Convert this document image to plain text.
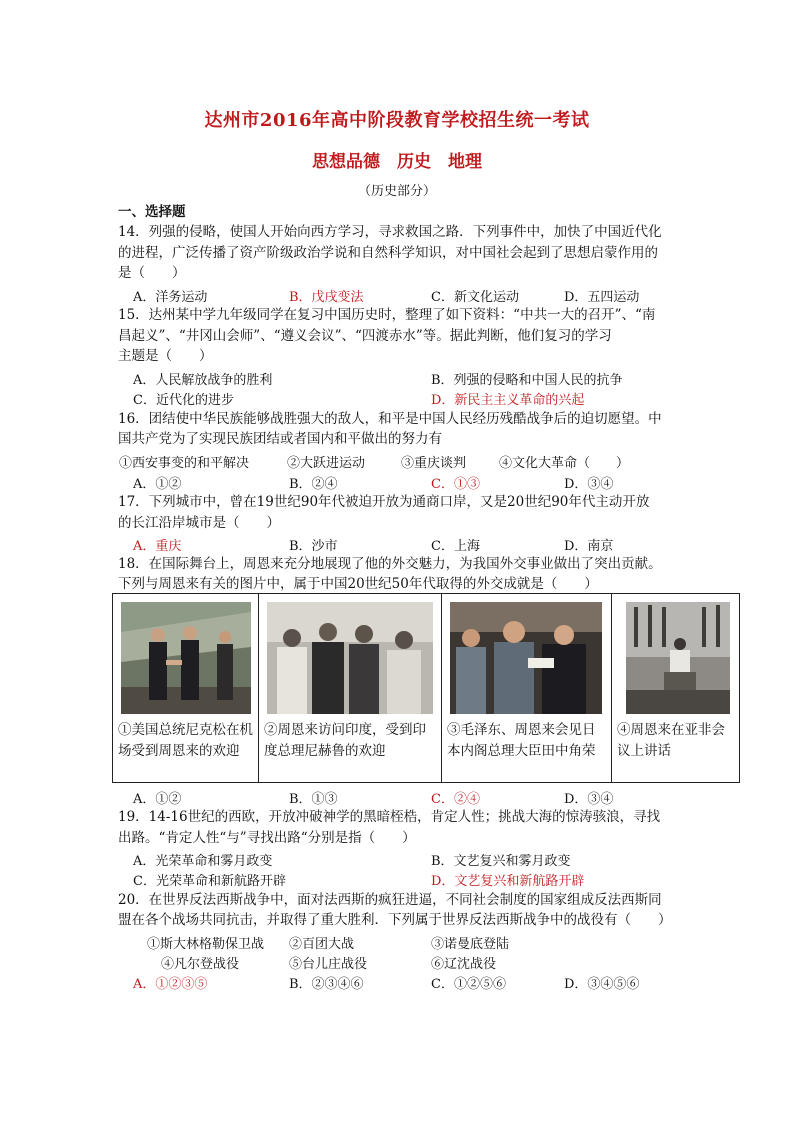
达州市2016年高中阶段教育学校招生统一考试
思想品德　历史　地理
（历史部分）
一、选择题
14．列强的侵略，使国人开始向西方学习，寻求救国之路．下列事件中，加快了中国近代化
的进程，广泛传播了资产阶级政治学说和自然科学知识，对中国社会起到了思想启蒙作用的
是（　　）
A．洋务运动	B．戊戌变法	C．新文化运动	D．五四运动
15．达州某中学九年级同学在复习中国历史时，整理了如下资料：“中共一大的召开”、“南
昌起义”、“井冈山会师”、“遵义会议”、“四渡赤水”等。据此判断，他们复习的学习
主题是（　　）
A．人民解放战争的胜利	B．列强的侵略和中国人民的抗争
C．近代化的进步	D．新民主主义革命的兴起
16．团结使中华民族能够战胜强大的敌人，和平是中国人民经历残酷战争后的迫切愿望。中
国共产党为了实现民族团结或者国内和平做出的努力有
①西安事变的和平解决	②大跃进运动	③重庆谈判	④文化大革命（　　）
A．①②	B．②④	C．①③	D．③④
17．下列城市中，曾在19世纪90年代被迫开放为通商口岸，又是20世纪90年代主动开放
的长江沿岸城市是（　　）
A．重庆	B．沙市	C．上海	D．南京
18．在国际舞台上，周恩来充分地展现了他的外交魅力，为我国外交事业做出了突出贡献。
下列与周恩来有关的图片中，属于中国20世纪50年代取得的外交成就是（　　）
①美国总统尼克松在机场受到周恩来的欢迎
②周恩来访问印度，受到印度总理尼赫鲁的欢迎
③毛泽东、周恩来会见日本内阁总理大臣田中角荣
④周恩来在亚非会议上讲话
A．①②	B．①③	C．②④	D．③④
19．14-16世纪的西欧，开放冲破神学的黑暗桎梏，肯定人性；挑战大海的惊涛骇浪，寻找
出路。“肯定人性“与”寻找出路“分别是指（　　）
A．光荣革命和雾月政变	B．文艺复兴和雾月政变
C．光荣革命和新航路开辟	D．文艺复兴和新航路开辟
20．在世界反法西斯战争中，面对法西斯的疯狂进逼，不同社会制度的国家组成反法西斯同
盟在各个战场共同抗击，并取得了重大胜利．下列属于世界反法西斯战争中的战役有（　　）
①斯大林格勒保卫战 ②百团大战	③诺曼底登陆
④凡尔登战役	⑤台儿庄战役	⑥辽沈战役
A．①②③⑤	B．②③④⑥	C．①②⑤⑥	D．③④⑤⑥
